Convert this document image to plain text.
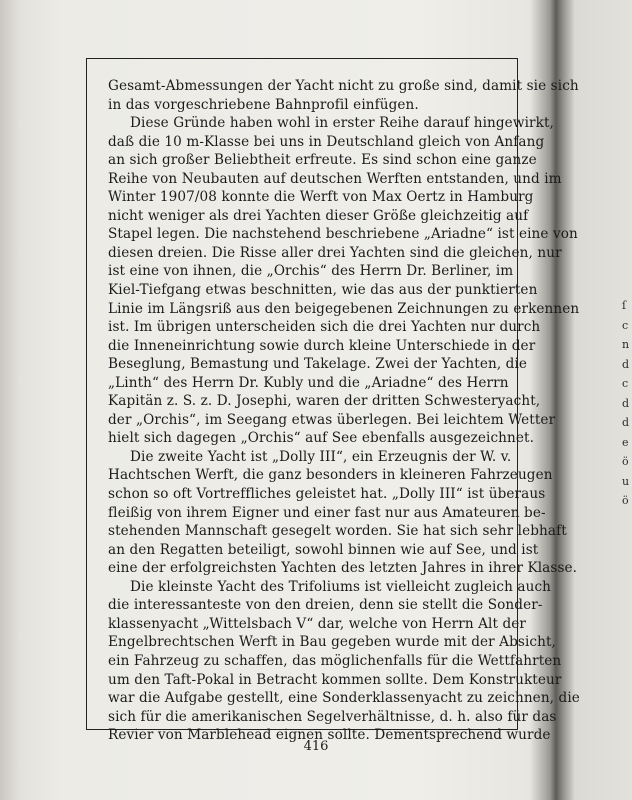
Gesamt-Abmessungen der Yacht nicht zu große sind, damit sie sich
in das vorgeschriebene Bahnprofil einfügen.
Diese Gründe haben wohl in erster Reihe darauf hingewirkt,
daß die 10 m-Klasse bei uns in Deutschland gleich von Anfang
an sich großer Beliebtheit erfreute. Es sind schon eine ganze
Reihe von Neubauten auf deutschen Werften entstanden, und im
Winter 1907/08 konnte die Werft von Max Oertz in Hamburg
nicht weniger als drei Yachten dieser Größe gleichzeitig auf
Stapel legen. Die nachstehend beschriebene „Ariadne“ ist eine von
diesen dreien. Die Risse aller drei Yachten sind die gleichen, nur
ist eine von ihnen, die „Orchis“ des Herrn Dr. Berliner, im
Kiel-Tiefgang etwas beschnitten, wie das aus der punktierten
Linie im Längsriß aus den beigegebenen Zeichnungen zu erkennen
ist. Im übrigen unterscheiden sich die drei Yachten nur durch
die Inneneinrichtung sowie durch kleine Unterschiede in der
Beseglung, Bemastung und Takelage. Zwei der Yachten, die
„Linth“ des Herrn Dr. Kubly und die „Ariadne“ des Herrn
Kapitän z. S. z. D. Josephi, waren der dritten Schwesteryacht,
der „Orchis“, im Seegang etwas überlegen. Bei leichtem Wetter
hielt sich dagegen „Orchis“ auf See ebenfalls ausgezeichnet.
Die zweite Yacht ist „Dolly III“, ein Erzeugnis der W. v.
Hachtschen Werft, die ganz besonders in kleineren Fahrzeugen
schon so oft Vortreffliches geleistet hat. „Dolly III“ ist überaus
fleißig von ihrem Eigner und einer fast nur aus Amateuren be-
stehenden Mannschaft gesegelt worden. Sie hat sich sehr lebhaft
an den Regatten beteiligt, sowohl binnen wie auf See, und ist
eine der erfolgreichsten Yachten des letzten Jahres in ihrer Klasse.
Die kleinste Yacht des Trifoliums ist vielleicht zugleich auch
die interessanteste von den dreien, denn sie stellt die Sonder-
klassenyacht „Wittelsbach V“ dar, welche von Herrn Alt der
Engelbrechtschen Werft in Bau gegeben wurde mit der Absicht,
ein Fahrzeug zu schaffen, das möglichenfalls für die Wettfahrten
um den Taft-Pokal in Betracht kommen sollte. Dem Konstrukteur
war die Aufgabe gestellt, eine Sonderklassenyacht zu zeichnen, die
sich für die amerikanischen Segelverhältnisse, d. h. also für das
Revier von Marblehead eignen sollte. Dementsprechend wurde
416
ſ
c
n
d
c
d
d
e
ö
u
ö
